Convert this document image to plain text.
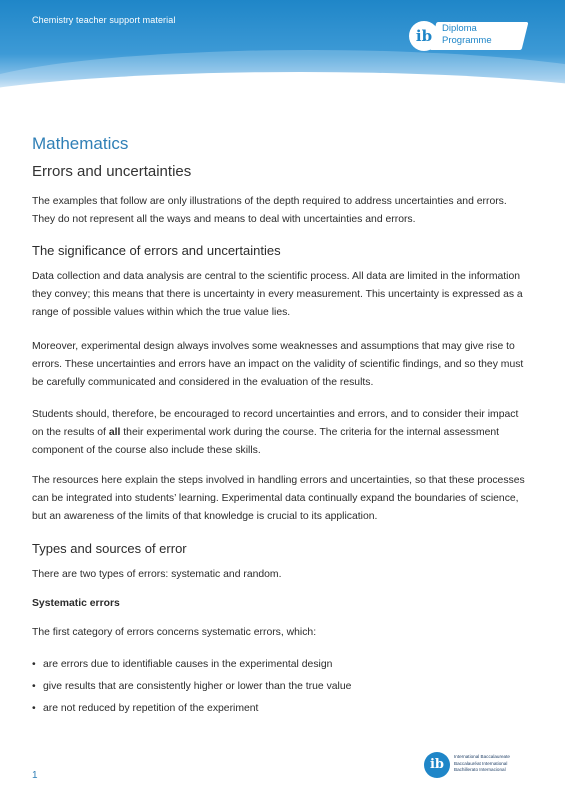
Chemistry teacher support material
ib	Diploma
Programme
Mathematics
Errors and uncertainties

The examples that follow are only illustrations of the depth required to address uncertainties and errors. They do not represent all the ways and means to deal with uncertainties and errors.

The significance of errors and uncertainties

Data collection and data analysis are central to the scientific process. All data are limited in the information they convey; this means that there is uncertainty in every measurement. This uncertainty is expressed as a range of possible values within which the true value lies.

Moreover, experimental design always involves some weaknesses and assumptions that may give rise to errors. These uncertainties and errors have an impact on the validity of scientific findings, and so they must be carefully communicated and considered in the evaluation of the results.

Students should, therefore, be encouraged to record uncertainties and errors, and to consider their impact on the results of all their experimental work during the course. The criteria for the internal assessment component of the course also include these skills.

The resources here explain the steps involved in handling errors and uncertainties, so that these processes can be integrated into students’ learning. Experimental data continually expand the boundaries of science, but an awareness of the limits of that knowledge is crucial to its application.

Types and sources of error

There are two types of errors: systematic and random.

Systematic errors

The first category of errors concerns systematic errors, which:

• are errors due to identifiable causes in the experimental design
• give results that are consistently higher or lower than the true value
• are not reduced by repetition of the experiment
1
ib
International Baccalaureate
Baccalauréat International
Bachillerato Internacional
